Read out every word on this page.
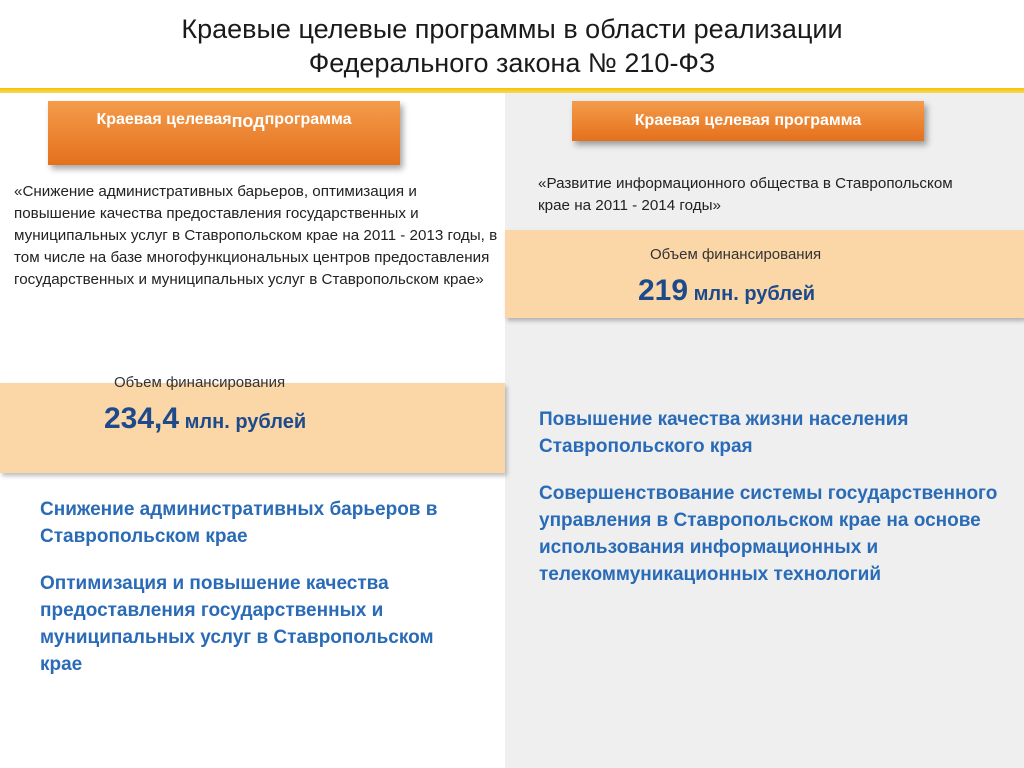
Краевые целевые программы в области реализации
Федерального закона № 210-ФЗ
Краевая целевая под программа
«Снижение административных барьеров, оптимизация и повышение качества предоставления государственных и муниципальных услуг в Ставропольском крае на 2011 - 2013 годы, в том числе на базе многофункциональных центров предоставления государственных и муниципальных услуг в Ставропольском крае»
Объем финансирования
234,4 млн. рублей

Снижение административных барьеров в Ставропольском крае

Оптимизация и повышение качества предоставления государственных и муниципальных услуг в Ставропольском крае

Краевая целевая программа
«Развитие информационного общества в Ставропольском крае на 2011 - 2014 годы»
Объем финансирования
219 млн. рублей

Повышение качества жизни населения Ставропольского края

Совершенствование системы государственного управления в Ставропольском крае на основе использования информационных и телекоммуникационных технологий
